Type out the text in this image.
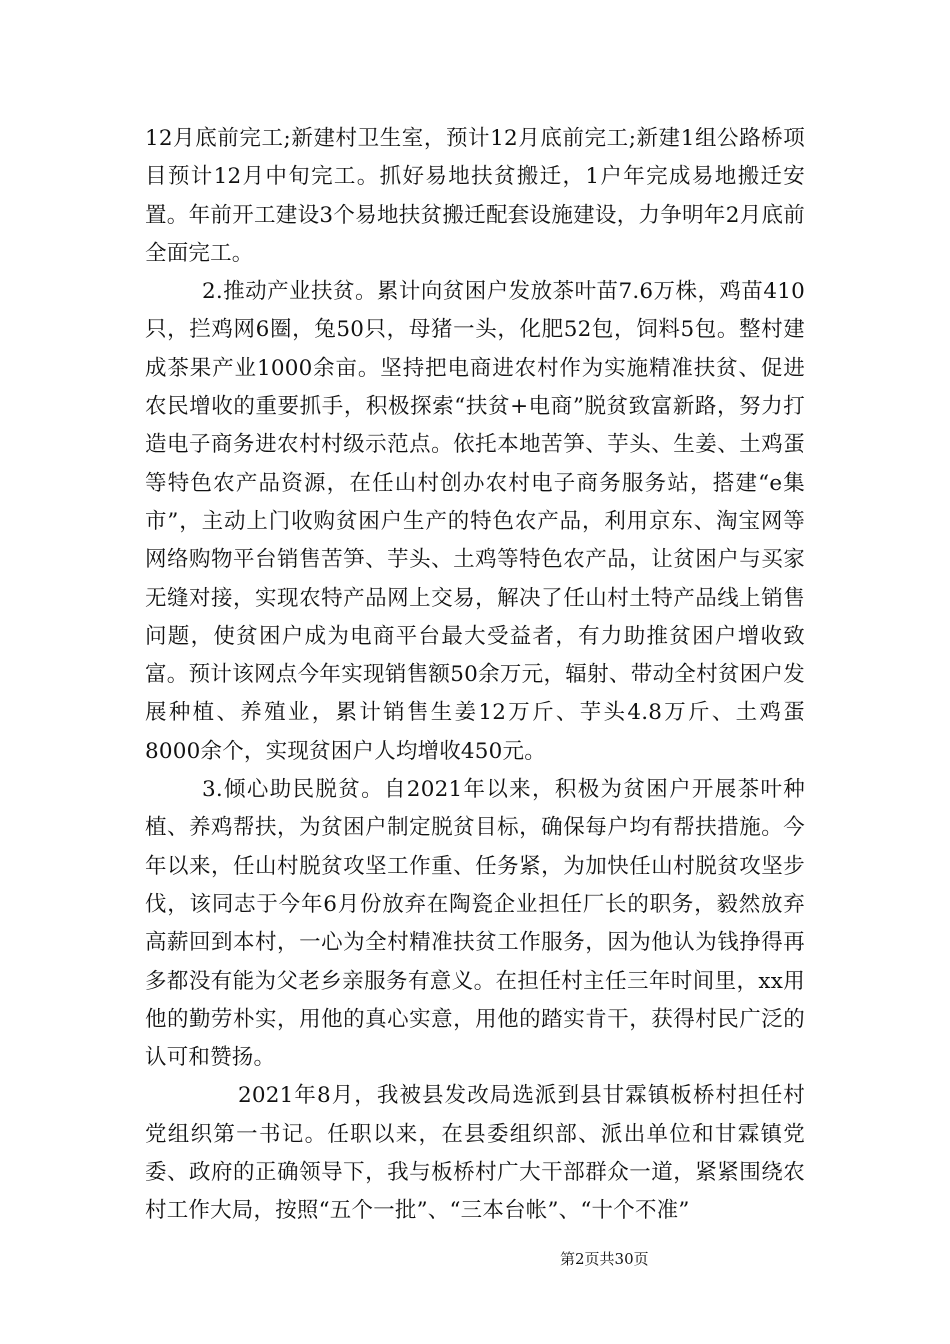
12月底前完工;新建村卫生室，预计12月底前完工;新建1组公路桥项目预计12月中旬完工。抓好易地扶贫搬迁，1户年完成易地搬迁安置。年前开工建设3个易地扶贫搬迁配套设施建设，力争明年2月底前全面完工。

2.推动产业扶贫。累计向贫困户发放茶叶苗7.6万株，鸡苗410只，拦鸡网6圈，兔50只，母猪一头，化肥52包，饲料5包。整村建成茶果产业1000余亩。坚持把电商进农村作为实施精准扶贫、促进农民增收的重要抓手，积极探索“扶贫+电商”脱贫致富新路，努力打造电子商务进农村村级示范点。依托本地苦笋、芋头、生姜、土鸡蛋等特色农产品资源，在任山村创办农村电子商务服务站，搭建“e集市”，主动上门收购贫困户生产的特色农产品，利用京东、淘宝网等网络购物平台销售苦笋、芋头、土鸡等特色农产品，让贫困户与买家无缝对接，实现农特产品网上交易，解决了任山村土特产品线上销售问题，使贫困户成为电商平台最大受益者，有力助推贫困户增收致富。预计该网点今年实现销售额50余万元，辐射、带动全村贫困户发展种植、养殖业，累计销售生姜12万斤、芋头4.8万斤、土鸡蛋8000余个，实现贫困户人均增收450元。

3.倾心助民脱贫。自2021年以来，积极为贫困户开展茶叶种植、养鸡帮扶，为贫困户制定脱贫目标，确保每户均有帮扶措施。今年以来，任山村脱贫攻坚工作重、任务紧，为加快任山村脱贫攻坚步伐，该同志于今年6月份放弃在陶瓷企业担任厂长的职务，毅然放弃高薪回到本村，一心为全村精准扶贫工作服务，因为他认为钱挣得再多都没有能为父老乡亲服务有意义。在担任村主任三年时间里，xx用他的勤劳朴实，用他的真心实意，用他的踏实肯干，获得村民广泛的认可和赞扬。

2021年8月，我被县发改局选派到县甘霖镇板桥村担任村党组织第一书记。任职以来，在县委组织部、派出单位和甘霖镇党委、政府的正确领导下，我与板桥村广大干部群众一道，紧紧围绕农村工作大局，按照“五个一批”、“三本台帐”、“十个不准”

第2页共30页
